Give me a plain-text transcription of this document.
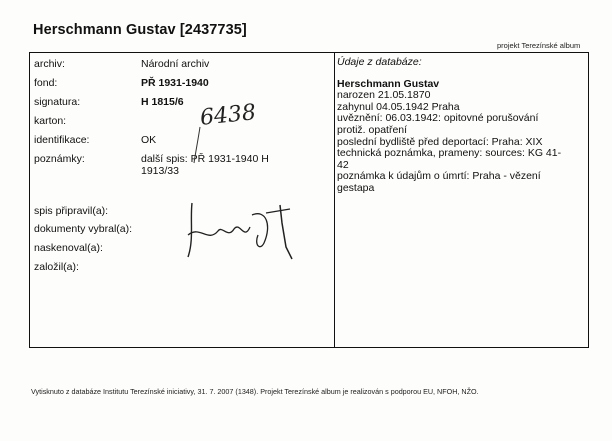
Herschmann Gustav [2437735]
projekt Terezínské album
archiv:	Národní archiv
fond:	PŘ 1931-1940
signatura:	H 1815/6
karton:	6438
identifikace:	OK
poznámky:	další spis: PŘ 1931-1940 H
1913/33
spis připravil(a):
dokumenty vybral(a):
naskenoval(a):
založil(a):
Údaje z databáze:
Herschmann Gustav
narozen 21.05.1870
zahynul 04.05.1942 Praha
uvěznění: 06.03.1942: opitovné porušování
protiž. opatření
poslední bydliště před deportací: Praha: XIX
technická poznámka, prameny: sources: KG 41-
42
poznámka k údajům o úmrtí: Praha - vězení
gestapa
Vytisknuto z databáze Institutu Terezínské iniciativy, 31. 7. 2007 (1348). Projekt Terezínské album je realizován s podporou EU, NFOH, NŽO.
